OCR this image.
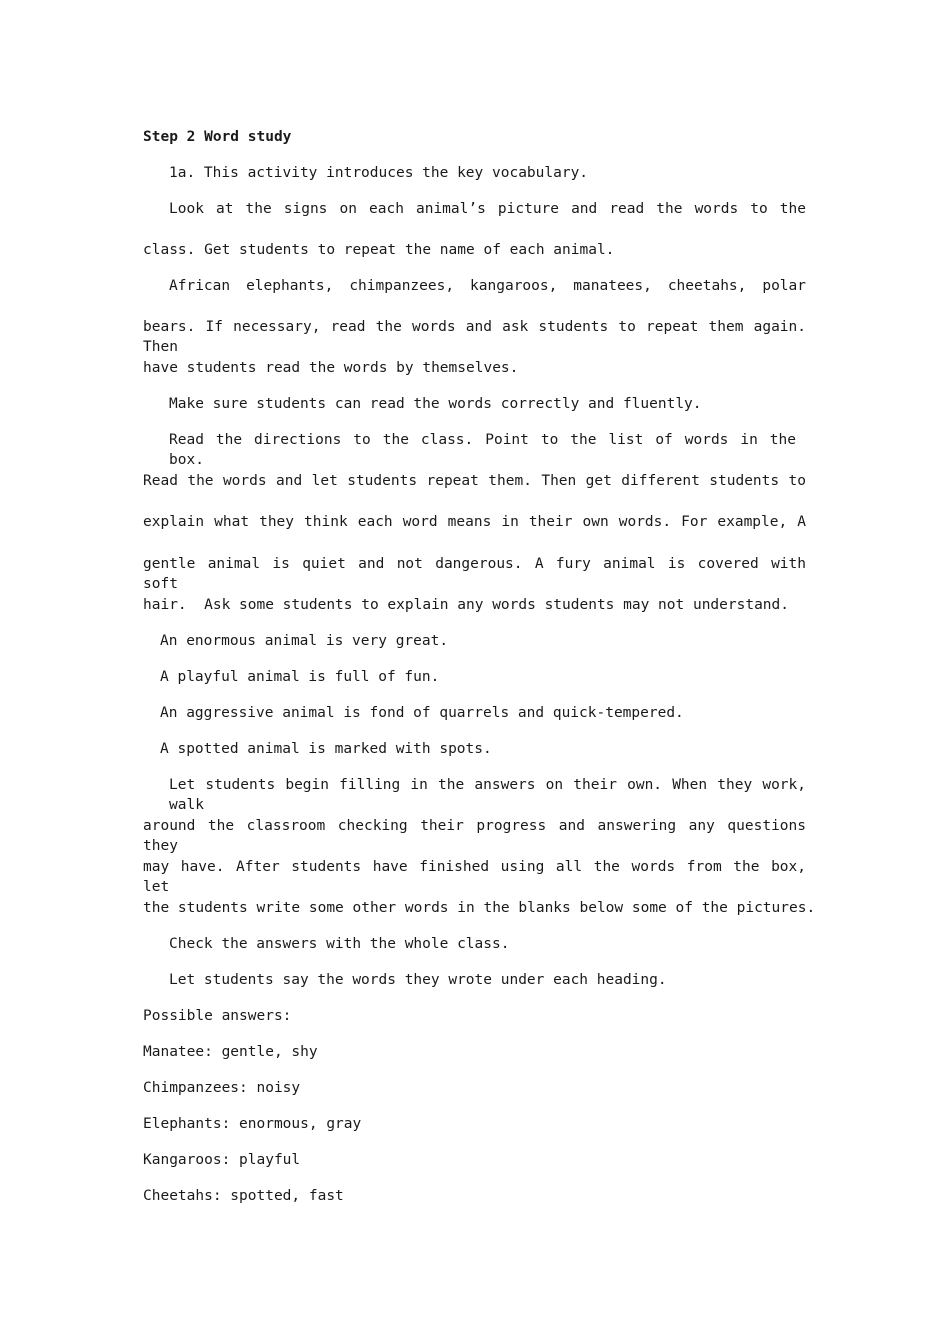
Step 2 Word study
1a. This activity introduces the key vocabulary.
Look at the signs on each animal’s picture and read the words to the
class. Get students to repeat the name of each animal.
African elephants, chimpanzees, kangaroos, manatees, cheetahs, polar
bears. If necessary, read the words and ask students to repeat them again. Then
have students read the words by themselves.
Make sure students can read the words correctly and fluently.
Read the directions to the class. Point to the list of words in the box.
Read the words and let students repeat them. Then get different students to
explain what they think each word means in their own words. For example, A
gentle animal is quiet and not dangerous. A fury animal is covered with soft
hair.  Ask some students to explain any words students may not understand.
An enormous animal is very great.
A playful animal is full of fun.
An aggressive animal is fond of quarrels and quick-tempered.
A spotted animal is marked with spots.
Let students begin filling in the answers on their own. When they work, walk
around the classroom checking their progress and answering any questions they
may have. After students have finished using all the words from the box, let
the students write some other words in the blanks below some of the pictures.
Check the answers with the whole class.
Let students say the words they wrote under each heading.
Possible answers:
Manatee: gentle, shy
Chimpanzees: noisy
Elephants: enormous, gray
Kangaroos: playful
Cheetahs: spotted, fast
